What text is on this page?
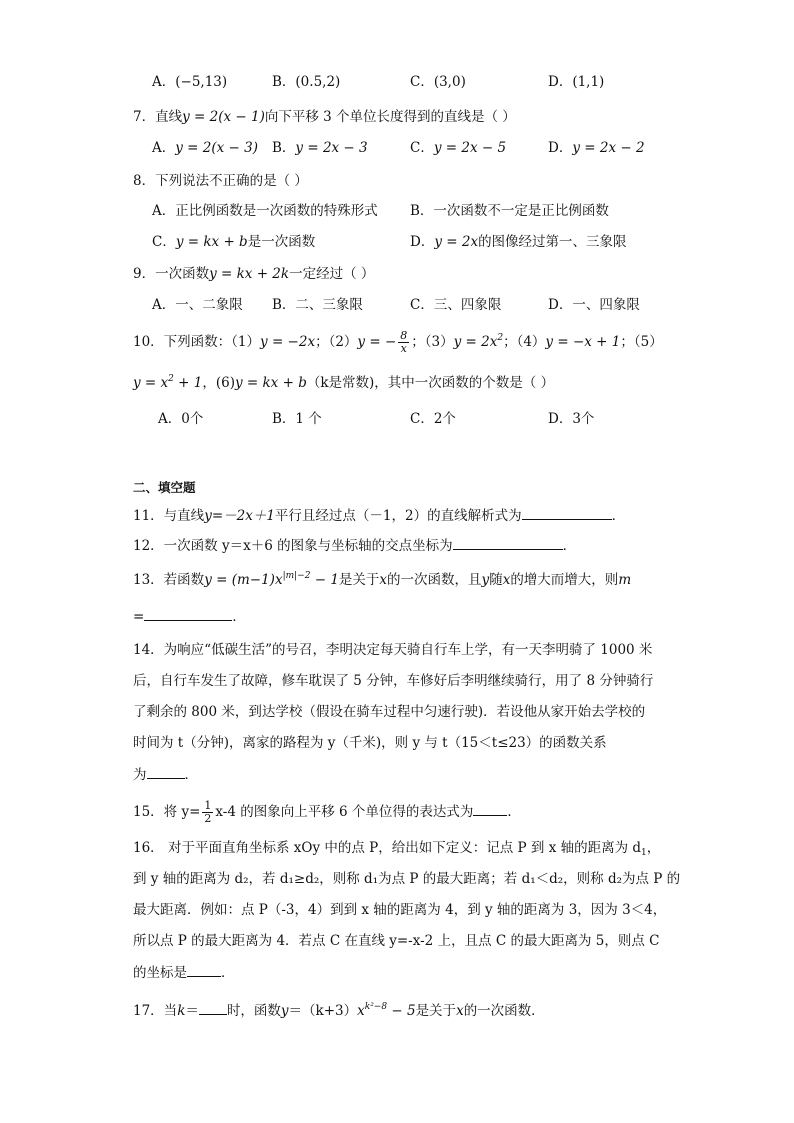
A．(−5,13)	B．(0.5,2)	C．(3,0)	D．(1,1)
7．直线y = 2(x − 1)向下平移 3 个单位长度得到的直线是（ ）
A．y = 2(x − 3) B．y = 2x − 3	C．y = 2x − 5	D．y = 2x − 2
8．下列说法不正确的是（ ）
A．正比例函数是一次函数的特殊形式 B．一次函数不一定是正比例函数
C．y = kx + b是一次函数	D．y = 2x的图像经过第一、三象限
9．一次函数y = kx + 2k一定经过（ ）
A．一、二象限 B．二、三象限	C．三、四象限	D．一、四象限
10．下列函数：（1）y = −2x；（2）y = − $\frac{8}{x}$ ；$(3)y = 2x^2$；（4）y = −x + 1；（5）
$y = x^2 + 1$，(6)y = kx + b（k是常数)，其中一次函数的个数是（ ）
A．0个	B．1 个	C．2个	D．3个
二、填空题
11．与直线y=－2x＋1平行且经过点（－1，2）的直线解析式为	．
12．一次函数 y＝x＋6 的图象与坐标轴的交点坐标为	．
13．若函数$y = (m-1)x^{|m|-2} - 1$是关于x的一次函数，且y随x的增大而增大，则m
=	．
14．为响应“低碳生活”的号召，李明决定每天骑自行车上学，有一天李明骑了 1000 米
后，自行车发生了故障，修车耽误了 5 分钟，车修好后李明继续骑行，用了 8 分钟骑行
了剩余的 800 米，到达学校（假设在骑车过程中匀速行驶)．若设他从家开始去学校的
时间为 t（分钟)，离家的路程为 y（千米)，则 y 与 t（15＜t≤23）的函数关系
为	．
15．将 $y= \frac{1}{2} x-4$ 的图象向上平移 6 个单位得的表达式为	．
16． 对于平面直角坐标系 xOy 中的点 P，给出如下定义：记点 P 到 x 轴的距离为 $d_1$，
到 y 轴的距离为 d₂，若 d₁≥d₂，则称 d₁为点 P 的最大距离；若 d₁＜d₂，则称 d₂为点 P 的
最大距离．例如：点 P（-3，4）到到 x 轴的距离为 4，到 y 轴的距离为 3，因为 3＜4，
所以点 P 的最大距离为 4．若点 C 在直线 y=-x-2 上，且点 C 的最大距离为 5，则点 C
的坐标是	．
17．当k＝ 时，函数$y=(k+3)x^{k^2-8} - 5$是关于x的一次函数．
